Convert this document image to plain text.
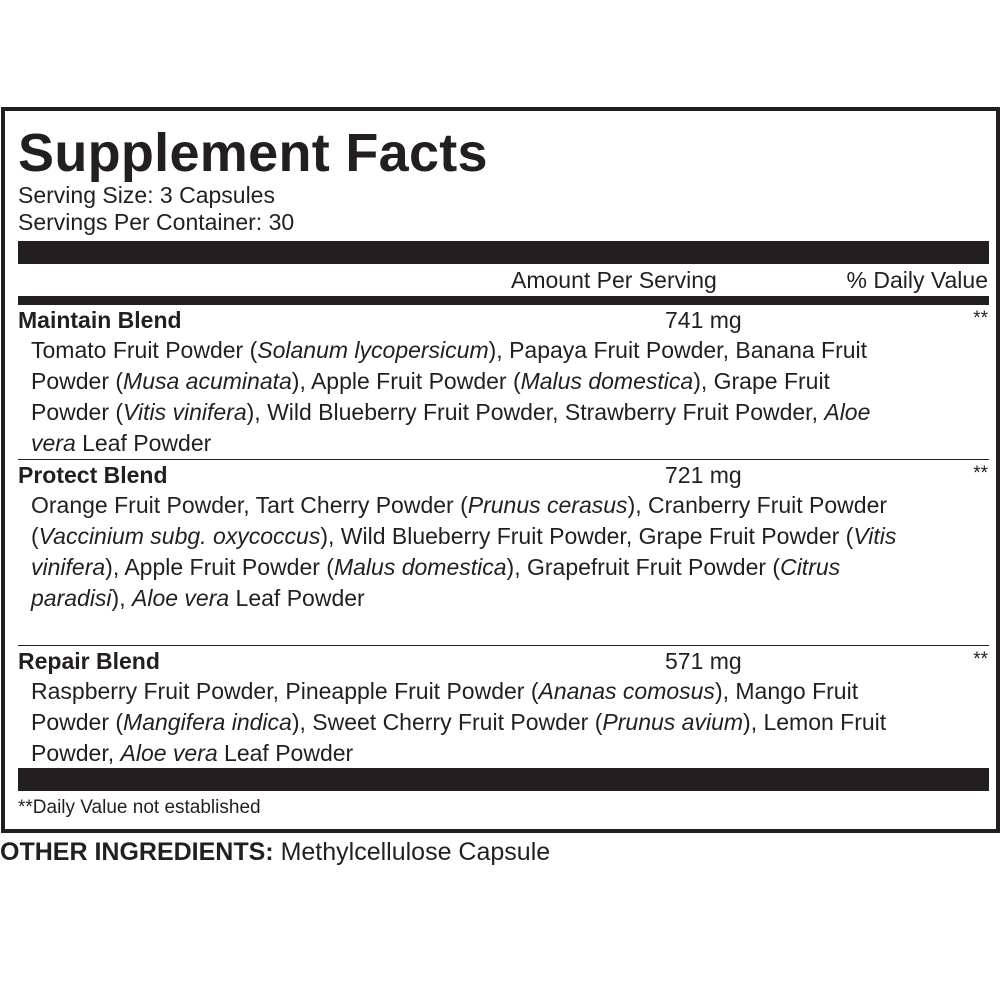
Supplement Facts
Serving Size: 3 Capsules
Servings Per Container: 30
Amount Per Serving	% Daily Value
Maintain Blend	741 mg	**
Tomato Fruit Powder (Solanum lycopersicum), Papaya Fruit Powder, Banana Fruit Powder (Musa acuminata), Apple Fruit Powder (Malus domestica), Grape Fruit Powder (Vitis vinifera), Wild Blueberry Fruit Powder, Strawberry Fruit Powder, Aloe vera Leaf Powder
Protect Blend	721 mg	**
Orange Fruit Powder, Tart Cherry Powder (Prunus cerasus), Cranberry Fruit Powder (Vaccinium subg. oxycoccus), Wild Blueberry Fruit Powder, Grape Fruit Powder (Vitis vinifera), Apple Fruit Powder (Malus domestica), Grapefruit Fruit Powder (Citrus paradisi), Aloe vera Leaf Powder
Repair Blend	571 mg	**
Raspberry Fruit Powder, Pineapple Fruit Powder (Ananas comosus), Mango Fruit Powder (Mangifera indica), Sweet Cherry Fruit Powder (Prunus avium), Lemon Fruit Powder, Aloe vera Leaf Powder
**Daily Value not established
OTHER INGREDIENTS: Methylcellulose Capsule
